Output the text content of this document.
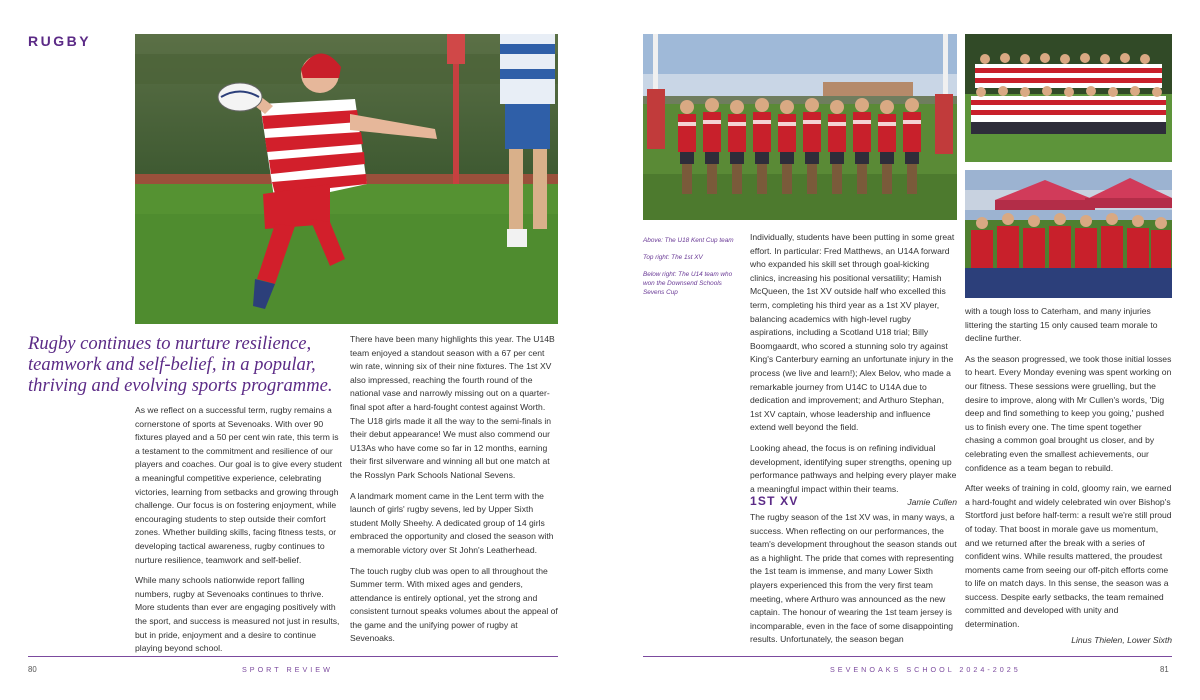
RUGBY
Rugby continues to nurture resilience, teamwork and self-belief, in a popular, thriving and evolving sports programme.

As we reflect on a successful term, rugby remains a cornerstone of sports at Sevenoaks. With over 90 fixtures played and a 50 per cent win rate, this term is a testament to the commitment and resilience of our players and coaches. Our goal is to give every student a meaningful competitive experience, celebrating victories, learning from setbacks and growing through challenge. Our focus is on fostering enjoyment, while encouraging students to step outside their comfort zones. Whether building skills, facing fitness tests, or developing tactical awareness, rugby continues to nurture resilience, teamwork and self-belief.

While many schools nationwide report falling numbers, rugby at Sevenoaks continues to thrive. More students than ever are engaging positively with the sport, and success is measured not just in results, but in pride, enjoyment and a desire to continue playing beyond school.

There have been many highlights this year. The U14B team enjoyed a standout season with a 67 per cent win rate, winning six of their nine fixtures. The 1st XV also impressed, reaching the fourth round of the national vase and narrowly missing out on a quarter-final spot after a hard-fought contest against Worth. The U18 girls made it all the way to the semi-finals in their debut appearance! We must also commend our U13As who have come so far in 12 months, earning their first silverware and winning all but one match at the Rosslyn Park Schools National Sevens.

A landmark moment came in the Lent term with the launch of girls' rugby sevens, led by Upper Sixth student Molly Sheehy. A dedicated group of 14 girls embraced the opportunity and closed the season with a memorable victory over St John's Leatherhead.

The touch rugby club was open to all throughout the Summer term. With mixed ages and genders, attendance is entirely optional, yet the strong and consistent turnout speaks volumes about the appeal of the game and the unifying power of rugby at Sevenoaks.

80	SPORT REVIEW
Above: The U18 Kent Cup team
Top right: The 1st XV
Below right: The U14 team who won the Downsend Schools Sevens Cup

Individually, students have been putting in some great effort. In particular: Fred Matthews, an U14A forward who expanded his skill set through goal-kicking clinics, increasing his positional versatility; Hamish McQueen, the 1st XV outside half who excelled this term, completing his third year as a 1st XV player, balancing academics with high-level rugby aspirations, including a Scotland U18 trial; Billy Boomgaardt, who scored a stunning solo try against King's Canterbury earning an unfortunate injury in the process (we live and learn!); Alex Belov, who made a remarkable journey from U14C to U14A due to dedication and improvement; and Arthuro Stephan, 1st XV captain, whose leadership and influence extend well beyond the field.

Looking ahead, the focus is on refining individual development, identifying super strengths, opening up performance pathways and helping every player make a meaningful impact within their teams.

Jamie Cullen
1ST XV

The rugby season of the 1st XV was, in many ways, a success. When reflecting on our performances, the team's development throughout the season stands out as a highlight. The pride that comes with representing the 1st team is immense, and many Lower Sixth players experienced this from the very first team meeting, where Arthuro was announced as the new captain. The honour of wearing the 1st team jersey is incomparable, even in the face of some disappointing results. Unfortunately, the season began

with a tough loss to Caterham, and many injuries littering the starting 15 only caused team morale to decline further.

As the season progressed, we took those initial losses to heart. Every Monday evening was spent working on our fitness. These sessions were gruelling, but the desire to improve, along with Mr Cullen's words, 'Dig deep and find something to keep you going,' pushed us to finish every one. The time spent together chasing a common goal brought us closer, and by celebrating even the smallest achievements, our confidence as a team began to rebuild.

After weeks of training in cold, gloomy rain, we earned a hard-fought and widely celebrated win over Bishop's Stortford just before half-term: a result we're still proud of today. That boost in morale gave us momentum, and we returned after the break with a series of confident wins. While results mattered, the proudest moments came from seeing our off-pitch efforts come to life on match days. In this sense, the season was a success. Despite early setbacks, the team remained committed and developed with unity and determination.

Linus Thielen, Lower Sixth
SEVENOAKS SCHOOL 2024-2025	81
